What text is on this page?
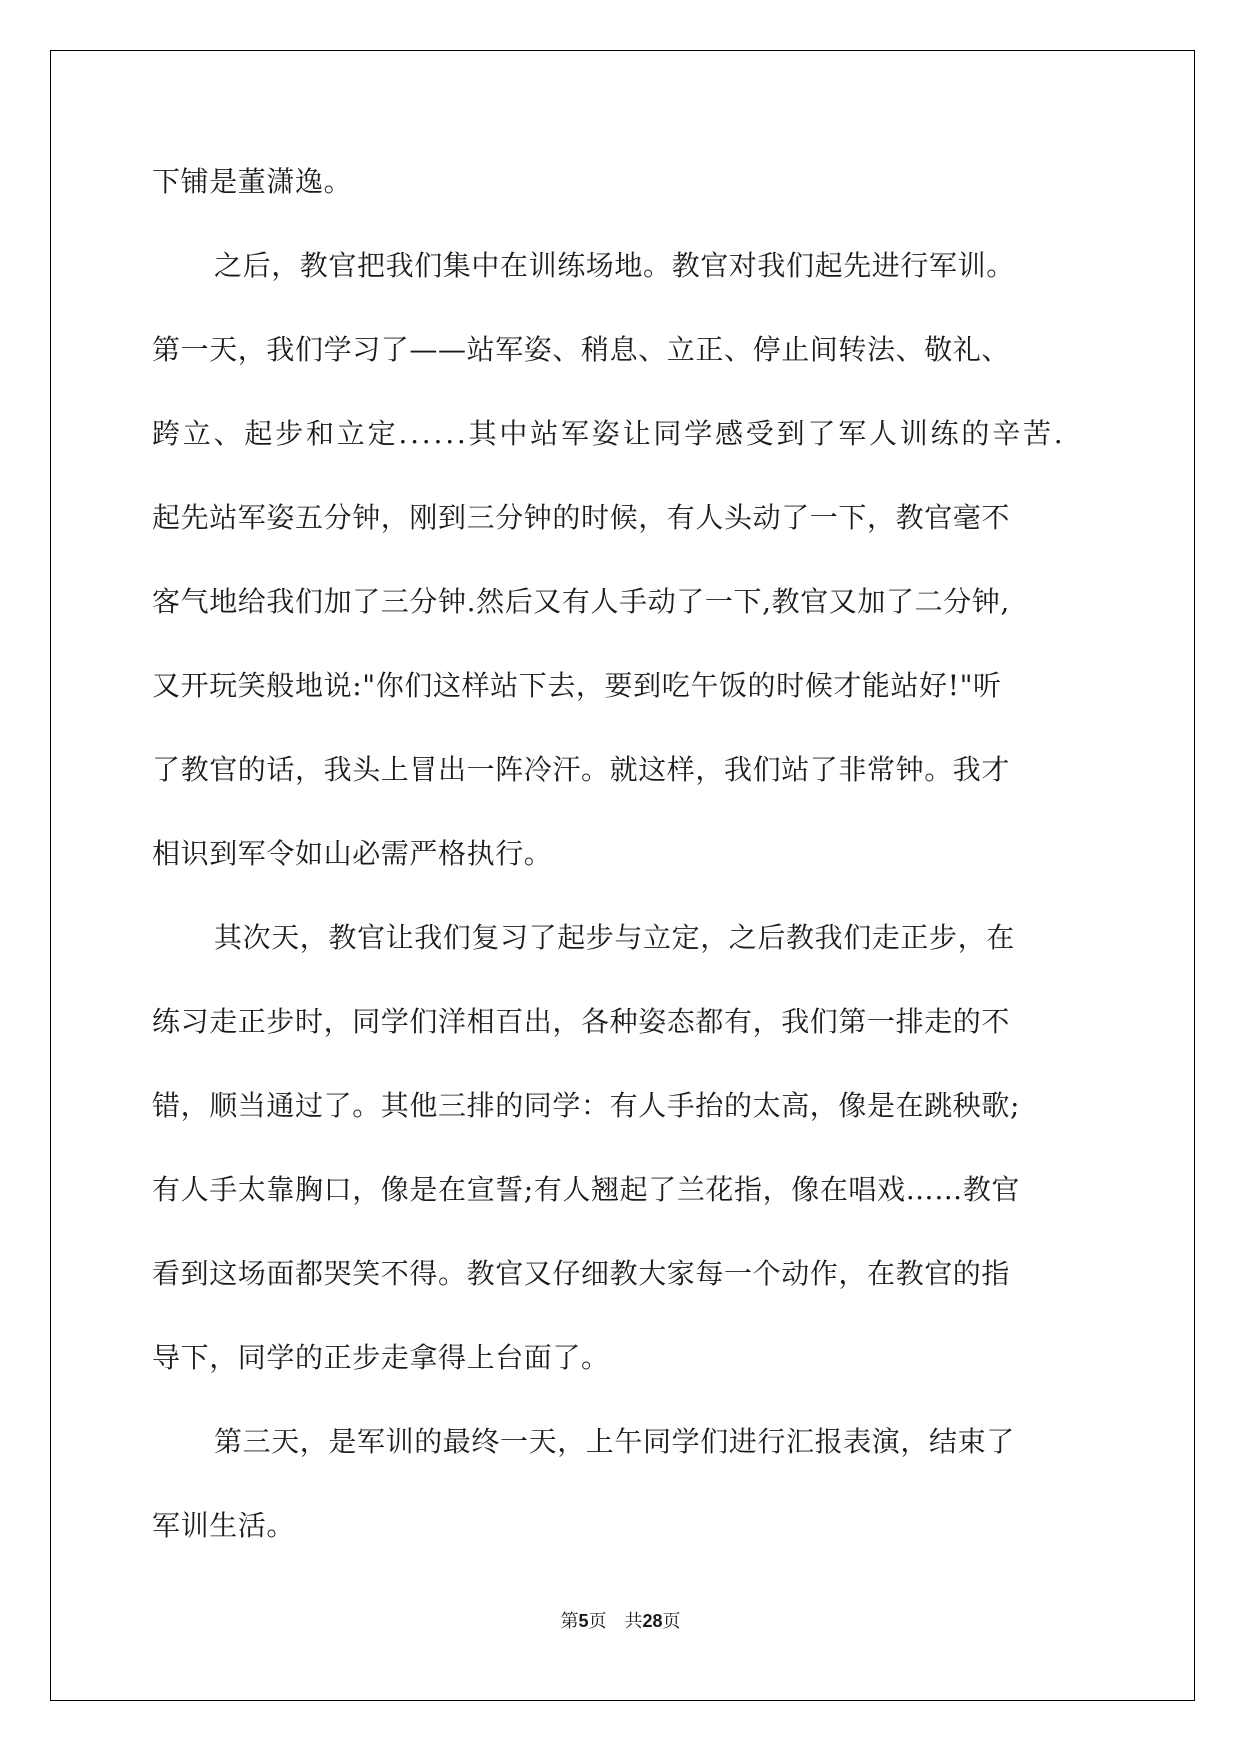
下铺是董潇逸。
之后，教官把我们集中在训练场地。教官对我们起先进行军训。
第一天，我们学习了——站军姿、稍息、立正、停止间转法、敬礼、
跨立、起步和立定......其中站军姿让同学感受到了军人训练的辛苦.
起先站军姿五分钟，刚到三分钟的时候，有人头动了一下，教官毫不
客气地给我们加了三分钟.然后又有人手动了一下,教官又加了二分钟,
又开玩笑般地说:"你们这样站下去，要到吃午饭的时候才能站好!"听
了教官的话，我头上冒出一阵冷汗。就这样，我们站了非常钟。我才
相识到军令如山必需严格执行。
其次天，教官让我们复习了起步与立定，之后教我们走正步，在
练习走正步时，同学们洋相百出，各种姿态都有，我们第一排走的不
错，顺当通过了。其他三排的同学：有人手抬的太高，像是在跳秧歌;
有人手太靠胸口，像是在宣誓;有人翘起了兰花指，像在唱戏……教官
看到这场面都哭笑不得。教官又仔细教大家每一个动作，在教官的指
导下，同学的正步走拿得上台面了。
第三天，是军训的最终一天，上午同学们进行汇报表演，结束了
军训生活。
第5页 共28页
